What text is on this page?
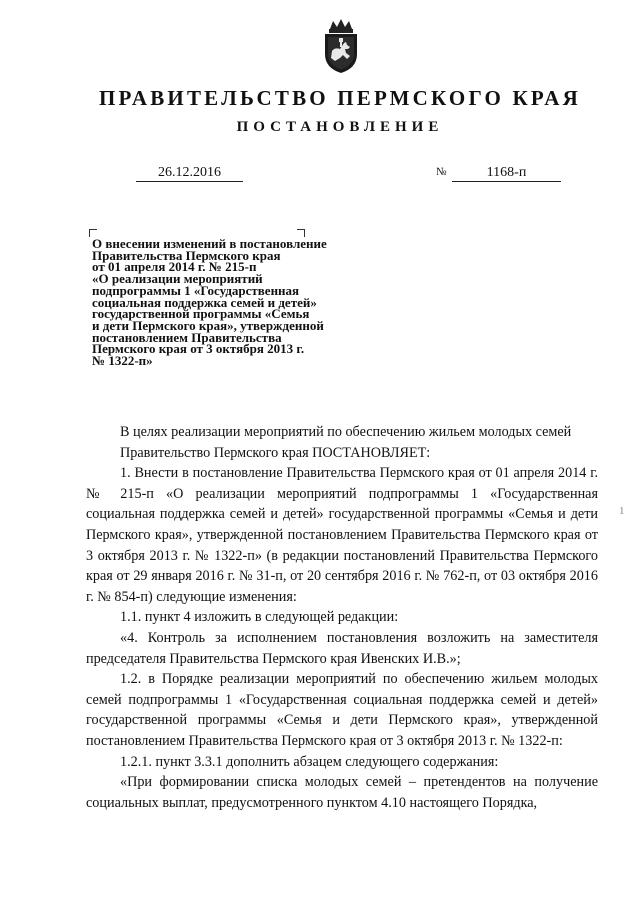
ПРАВИТЕЛЬСТВО ПЕРМСКОГО КРАЯ
ПОСТАНОВЛЕНИЕ
26.12.2016	№	1168-п

О внесении изменений в постановление
Правительства Пермского края
от 01 апреля 2014 г. № 215-п
«О реализации мероприятий
подпрограммы 1 «Государственная
социальная поддержка семей и детей»
государственной программы «Семья
и дети Пермского края», утвержденной
постановлением Правительства
Пермского края от 3 октября 2013 г.
№ 1322-п»

В целях реализации мероприятий по обеспечению жильем молодых семей

Правительство Пермского края ПОСТАНОВЛЯЕТ:

1. Внести в постановление Правительства Пермского края от 01 апреля 2014 г. № 215-п «О реализации мероприятий подпрограммы 1 «Государственная социальная поддержка семей и детей» государственной программы «Семья и дети Пермского края», утвержденной постановлением Правительства Пермского края от 3 октября 2013 г. № 1322-п» (в редакции постановлений Правительства Пермского края от 29 января 2016 г. № 31-п, от 20 сентября 2016 г. № 762-п, от 03 октября 2016 г. № 854-п) следующие изменения:

1.1. пункт 4 изложить в следующей редакции:

«4. Контроль за исполнением постановления возложить на заместителя председателя Правительства Пермского края Ивенских И.В.»;

1.2. в Порядке реализации мероприятий по обеспечению жильем молодых семей подпрограммы 1 «Государственная социальная поддержка семей и детей» государственной программы «Семья и дети Пермского края», утвержденной постановлением Правительства Пермского края от 3 октября 2013 г. № 1322-п:

1.2.1. пункт 3.3.1 дополнить абзацем следующего содержания:

«При формировании списка молодых семей – претендентов на получение социальных выплат, предусмотренного пунктом 4.10 настоящего Порядка,

1
